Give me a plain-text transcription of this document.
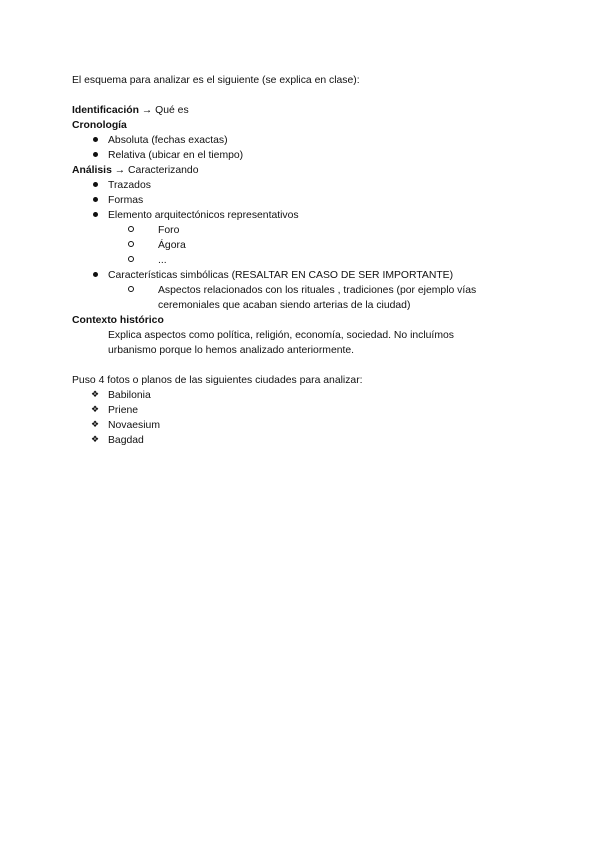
El esquema para analizar es el siguiente (se explica en clase):
Identificación → Qué es
Cronología
Absoluta (fechas exactas)
Relativa (ubicar en el tiempo)
Análisis → Caracterizando
Trazados
Formas
Elemento arquitectónicos representativos
Foro
Ágora
...
Características simbólicas (RESALTAR EN CASO DE SER IMPORTANTE)
Aspectos relacionados con los rituales , tradiciones (por ejemplo vías
ceremoniales que acaban siendo arterias de la ciudad)
Contexto histórico
Explica aspectos como política, religión, economía, sociedad. No incluímos
urbanismo porque lo hemos analizado anteriormente.
Puso 4 fotos o planos de las siguientes ciudades para analizar:
❖ Babilonia
❖ Priene
❖ Novaesium
❖ Bagdad
